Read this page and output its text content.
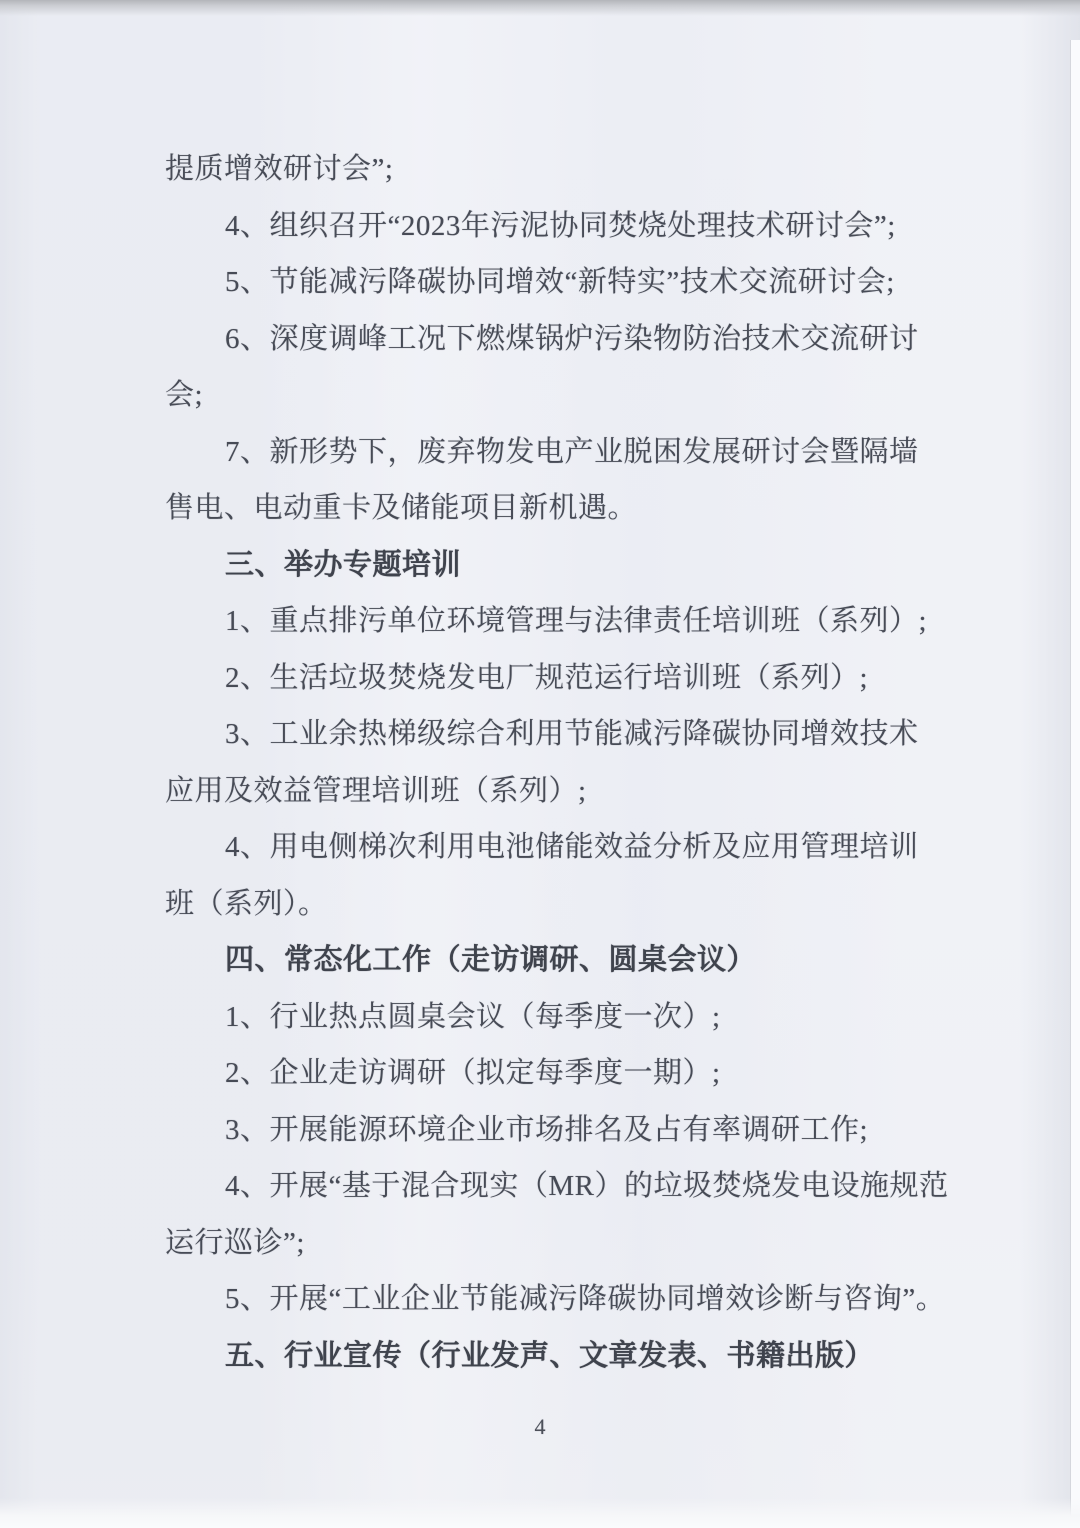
提质增效研讨会”;
4、组织召开“2023年污泥协同焚烧处理技术研讨会”;
5、节能减污降碳协同增效“新特实”技术交流研讨会;
6、深度调峰工况下燃煤锅炉污染物防治技术交流研讨
会;
7、新形势下，废弃物发电产业脱困发展研讨会暨隔墙
售电、电动重卡及储能项目新机遇。
三、举办专题培训
1、重点排污单位环境管理与法律责任培训班（系列）;
2、生活垃圾焚烧发电厂规范运行培训班（系列）;
3、工业余热梯级综合利用节能减污降碳协同增效技术
应用及效益管理培训班（系列）;
4、用电侧梯次利用电池储能效益分析及应用管理培训
班（系列）。
四、常态化工作（走访调研、圆桌会议）
1、行业热点圆桌会议（每季度一次）;
2、企业走访调研（拟定每季度一期）;
3、开展能源环境企业市场排名及占有率调研工作;
4、开展“基于混合现实（MR）的垃圾焚烧发电设施规范
运行巡诊”;
5、开展“工业企业节能减污降碳协同增效诊断与咨询”。
五、行业宣传（行业发声、文章发表、书籍出版）
4
